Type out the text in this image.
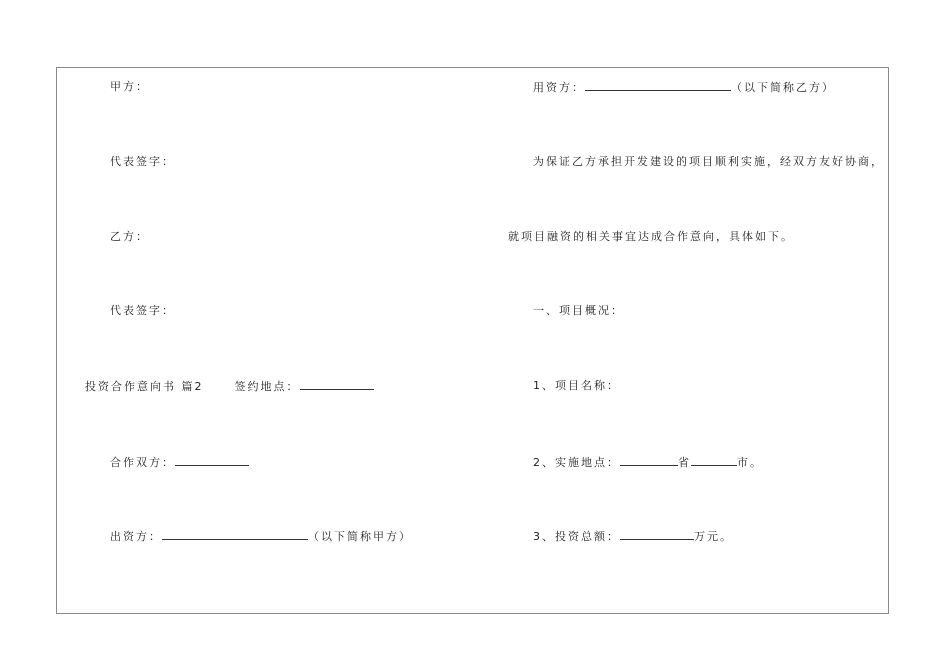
甲方：
代表签字：
乙方：
代表签字：
投资合作意向书 篇2	签约地点：
合作双方：
出资方：	（以下简称甲方）
用资方：	（以下简称乙方）
为保证乙方承担开发建设的项目顺利实施，经双方友好协商，
就项目融资的相关事宜达成合作意向，具体如下。
一、项目概况：
1、项目名称：
2、实施地点：	省	市。
3、投资总额：	万元。
